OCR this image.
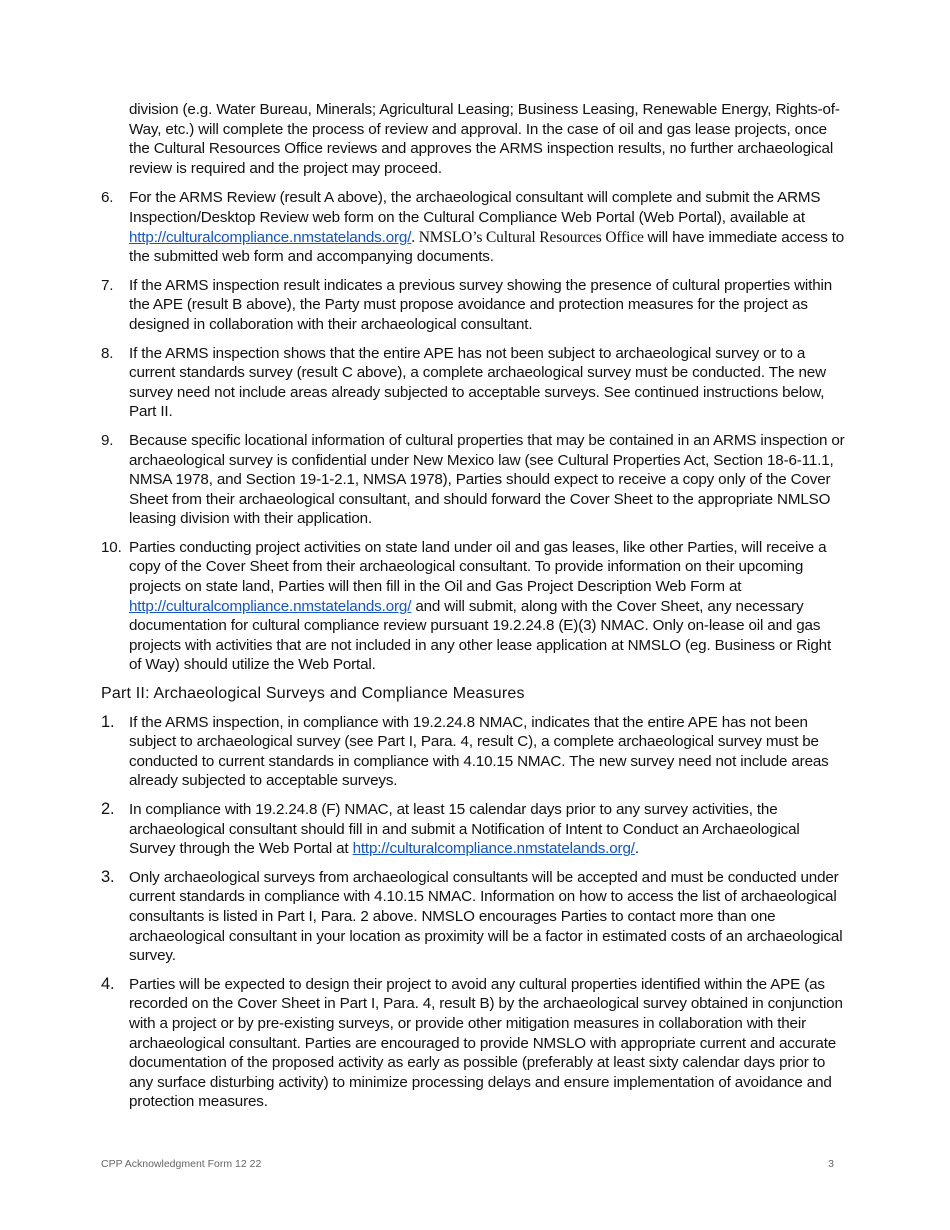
division (e.g. Water Bureau, Minerals; Agricultural Leasing; Business Leasing, Renewable Energy, Rights-of-Way, etc.) will complete the process of review and approval. In the case of oil and gas lease projects, once the Cultural Resources Office reviews and approves the ARMS inspection results, no further archaeological review is required and the project may proceed.
6. For the ARMS Review (result A above), the archaeological consultant will complete and submit the ARMS Inspection/Desktop Review web form on the Cultural Compliance Web Portal (Web Portal), available at http://culturalcompliance.nmstatelands.org/. NMSLO’s Cultural Resources Office will have immediate access to the submitted web form and accompanying documents.
7. If the ARMS inspection result indicates a previous survey showing the presence of cultural properties within the APE (result B above), the Party must propose avoidance and protection measures for the project as designed in collaboration with their archaeological consultant.
8. If the ARMS inspection shows that the entire APE has not been subject to archaeological survey or to a current standards survey (result C above), a complete archaeological survey must be conducted. The new survey need not include areas already subjected to acceptable surveys. See continued instructions below, Part II.
9. Because specific locational information of cultural properties that may be contained in an ARMS inspection or archaeological survey is confidential under New Mexico law (see Cultural Properties Act, Section 18-6-11.1, NMSA 1978, and Section 19-1-2.1, NMSA 1978), Parties should expect to receive a copy only of the Cover Sheet from their archaeological consultant, and should forward the Cover Sheet to the appropriate NMLSO leasing division with their application.
10. Parties conducting project activities on state land under oil and gas leases, like other Parties, will receive a copy of the Cover Sheet from their archaeological consultant. To provide information on their upcoming projects on state land, Parties will then fill in the Oil and Gas Project Description Web Form at http://culturalcompliance.nmstatelands.org/ and will submit, along with the Cover Sheet, any necessary documentation for cultural compliance review pursuant 19.2.24.8 (E)(3) NMAC. Only on-lease oil and gas projects with activities that are not included in any other lease application at NMSLO (eg. Business or Right of Way) should utilize the Web Portal.
Part II: Archaeological Surveys and Compliance Measures
1. If the ARMS inspection, in compliance with 19.2.24.8 NMAC, indicates that the entire APE has not been subject to archaeological survey (see Part I, Para. 4, result C), a complete archaeological survey must be conducted to current standards in compliance with 4.10.15 NMAC. The new survey need not include areas already subjected to acceptable surveys.
2. In compliance with 19.2.24.8 (F) NMAC, at least 15 calendar days prior to any survey activities, the archaeological consultant should fill in and submit a Notification of Intent to Conduct an Archaeological Survey through the Web Portal at http://culturalcompliance.nmstatelands.org/.
3. Only archaeological surveys from archaeological consultants will be accepted and must be conducted under current standards in compliance with 4.10.15 NMAC. Information on how to access the list of archaeological consultants is listed in Part I, Para. 2 above. NMSLO encourages Parties to contact more than one archaeological consultant in your location as proximity will be a factor in estimated costs of an archaeological survey.
4. Parties will be expected to design their project to avoid any cultural properties identified within the APE (as recorded on the Cover Sheet in Part I, Para. 4, result B) by the archaeological survey obtained in conjunction with a project or by pre-existing surveys, or provide other mitigation measures in collaboration with their archaeological consultant. Parties are encouraged to provide NMSLO with appropriate current and accurate documentation of the proposed activity as early as possible (preferably at least sixty calendar days prior to any surface disturbing activity) to minimize processing delays and ensure implementation of avoidance and protection measures.
CPP Acknowledgment Form 12 22	3
